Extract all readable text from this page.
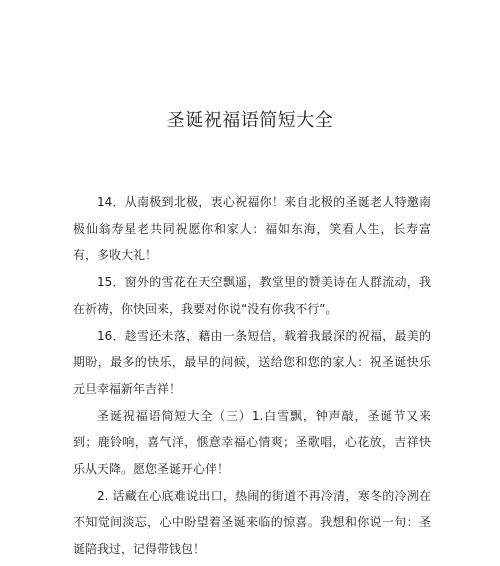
圣诞祝福语简短大全

14．从南极到北极，衷心祝福你！来自北极的圣诞老人特邀南极仙翁寿星老共同祝愿你和家人：福如东海，笑看人生，长寿富有，多收大礼！

15．窗外的雪花在天空飘遥，教堂里的赞美诗在人群流动，我在祈祷，你快回来，我要对你说“没有你我不行”。

16．趁雪还未落，藉由一条短信，载着我最深的祝福，最美的期盼，最多的快乐，最早的问候，送给您和您的家人：祝圣诞快乐元旦幸福新年吉祥！

圣诞祝福语简短大全（三）1.白雪飘，钟声敲，圣诞节又来到；鹿铃响，喜气洋，惬意幸福心情爽；圣歌唱，心花放，吉祥快乐从天降。愿您圣诞开心伴！

2. 话藏在心底难说出口，热闹的街道不再冷清，寒冬的冷冽在不知觉间淡忘，心中盼望着圣诞来临的惊喜。我想和你说一句：圣诞陪我过，记得带钱包！
